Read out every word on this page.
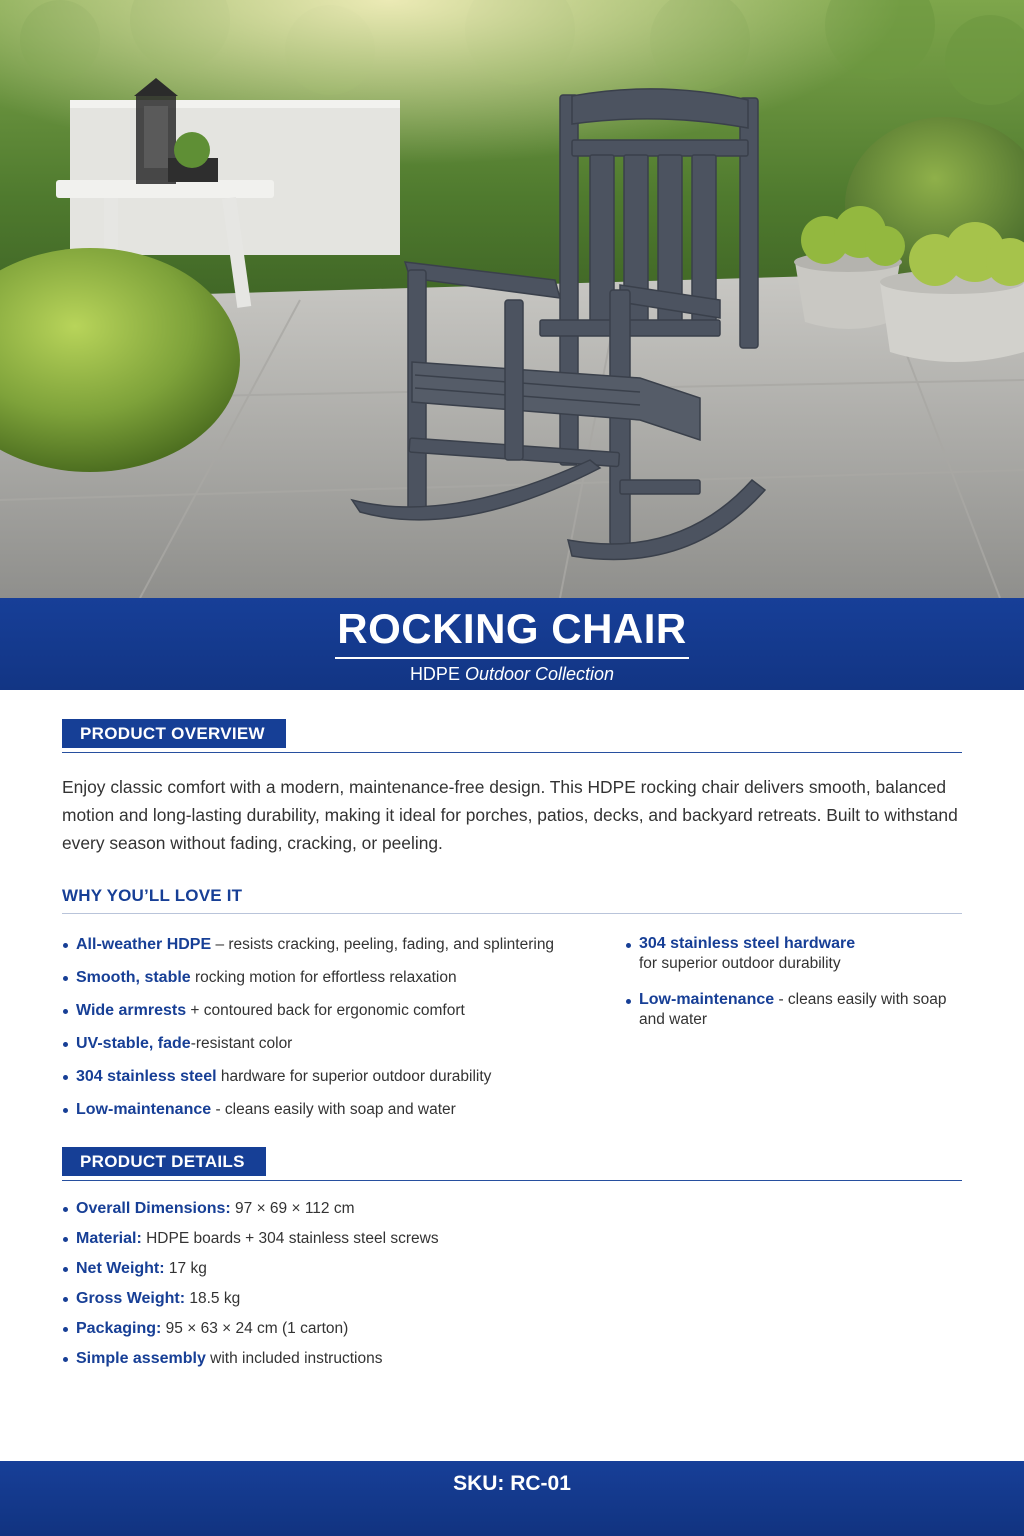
ROCKING CHAIR
HDPE Outdoor Collection
PRODUCT OVERVIEW

Enjoy classic comfort with a modern, maintenance-free design. This HDPE rocking chair delivers smooth, balanced motion and long-lasting durability, making it ideal for porches, patios, decks, and backyard retreats. Built to withstand every season without fading, cracking, or peeling.

WHY YOU’LL LOVE IT
All-weather HDPE – resists cracking, peeling, fading, and splintering
Smooth, stable rocking motion for effortless relaxation
Wide armrests + contoured back for ergonomic comfort
UV-stable, fade-resistant color
304 stainless steel hardware for superior outdoor durability
Low-maintenance - cleans easily with soap and water
304 stainless steel hardware
for superior outdoor durability
Low-maintenance - cleans easily with soap and water
PRODUCT DETAILS
Overall Dimensions: 97 × 69 × 112 cm
Material: HDPE boards + 304 stainless steel screws
Net Weight: 17 kg
Gross Weight: 18.5 kg
Packaging: 95 × 63 × 24 cm (1 carton)
Simple assembly with included instructions
SKU: RC-01
